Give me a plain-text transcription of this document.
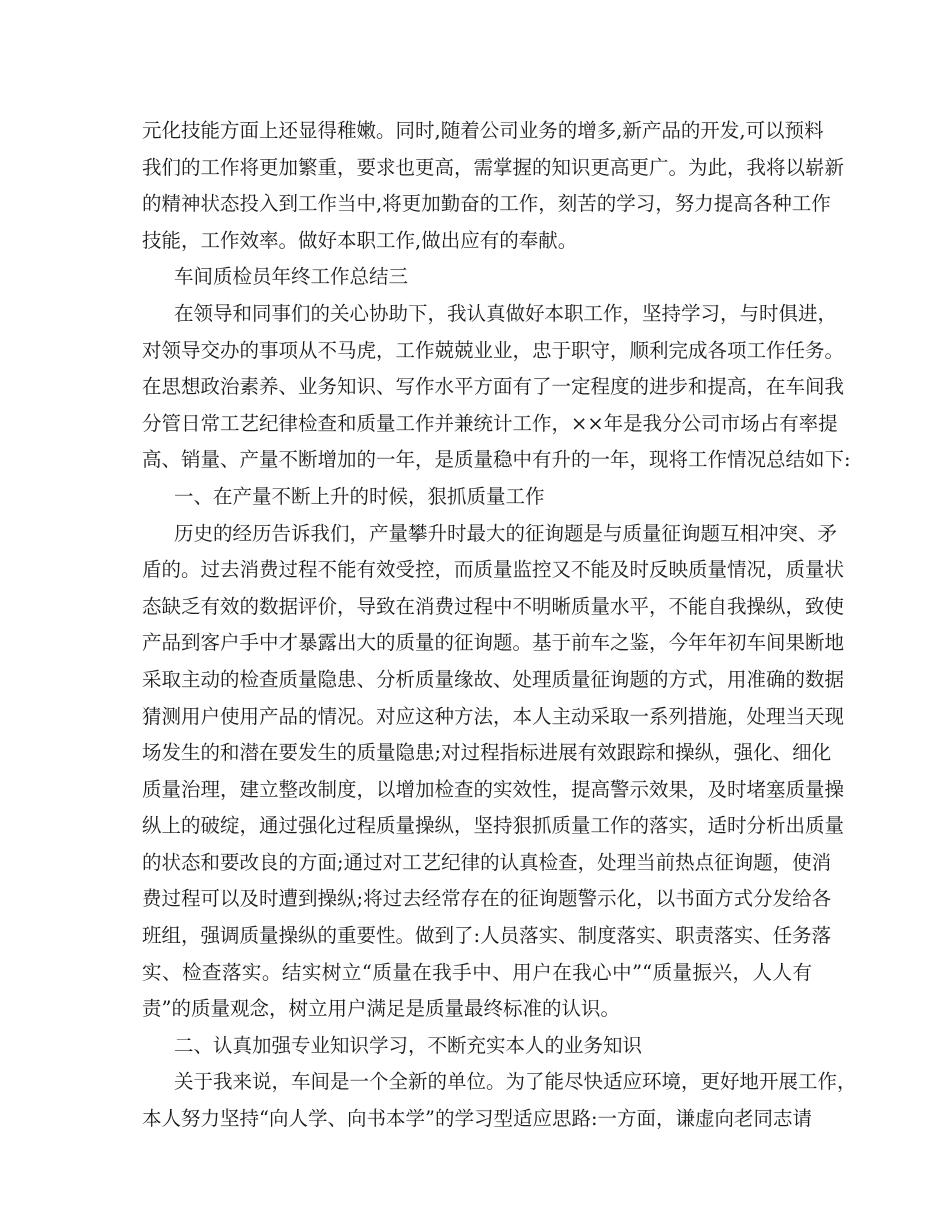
元化技能方面上还显得稚嫩。同时,随着公司业务的增多,新产品的开发,可以预料
我们的工作将更加繁重，要求也更高，需掌握的知识更高更广。为此，我将以崭新
的精神状态投入到工作当中,将更加勤奋的工作，刻苦的学习，努力提高各种工作
技能，工作效率。做好本职工作,做出应有的奉献。
车间质检员年终工作总结三
在领导和同事们的关心协助下，我认真做好本职工作，坚持学习，与时俱进，
对领导交办的事项从不马虎，工作兢兢业业，忠于职守，顺利完成各项工作任务。
在思想政治素养、业务知识、写作水平方面有了一定程度的进步和提高，在车间我
分管日常工艺纪律检查和质量工作并兼统计工作，××年是我分公司市场占有率提
高、销量、产量不断增加的一年，是质量稳中有升的一年，现将工作情况总结如下:
一、在产量不断上升的时候，狠抓质量工作
历史的经历告诉我们，产量攀升时最大的征询题是与质量征询题互相冲突、矛
盾的。过去消费过程不能有效受控，而质量监控又不能及时反映质量情况，质量状
态缺乏有效的数据评价，导致在消费过程中不明晰质量水平，不能自我操纵，致使
产品到客户手中才暴露出大的质量的征询题。基于前车之鉴，今年年初车间果断地
采取主动的检查质量隐患、分析质量缘故、处理质量征询题的方式，用准确的数据
猜测用户使用产品的情况。对应这种方法，本人主动采取一系列措施，处理当天现
场发生的和潜在要发生的质量隐患;对过程指标进展有效跟踪和操纵，强化、细化
质量治理，建立整改制度，以增加检查的实效性，提高警示效果，及时堵塞质量操
纵上的破绽，通过强化过程质量操纵，坚持狠抓质量工作的落实，适时分析出质量
的状态和要改良的方面;通过对工艺纪律的认真检查，处理当前热点征询题，使消
费过程可以及时遭到操纵;将过去经常存在的征询题警示化，以书面方式分发给各
班组，强调质量操纵的重要性。做到了:人员落实、制度落实、职责落实、任务落
实、检查落实。结实树立“质量在我手中、用户在我心中”“质量振兴，人人有
责”的质量观念，树立用户满足是质量最终标准的认识。
二、认真加强专业知识学习，不断充实本人的业务知识
关于我来说，车间是一个全新的单位。为了能尽快适应环境，更好地开展工作，
本人努力坚持“向人学、向书本学”的学习型适应思路:一方面，谦虚向老同志请
